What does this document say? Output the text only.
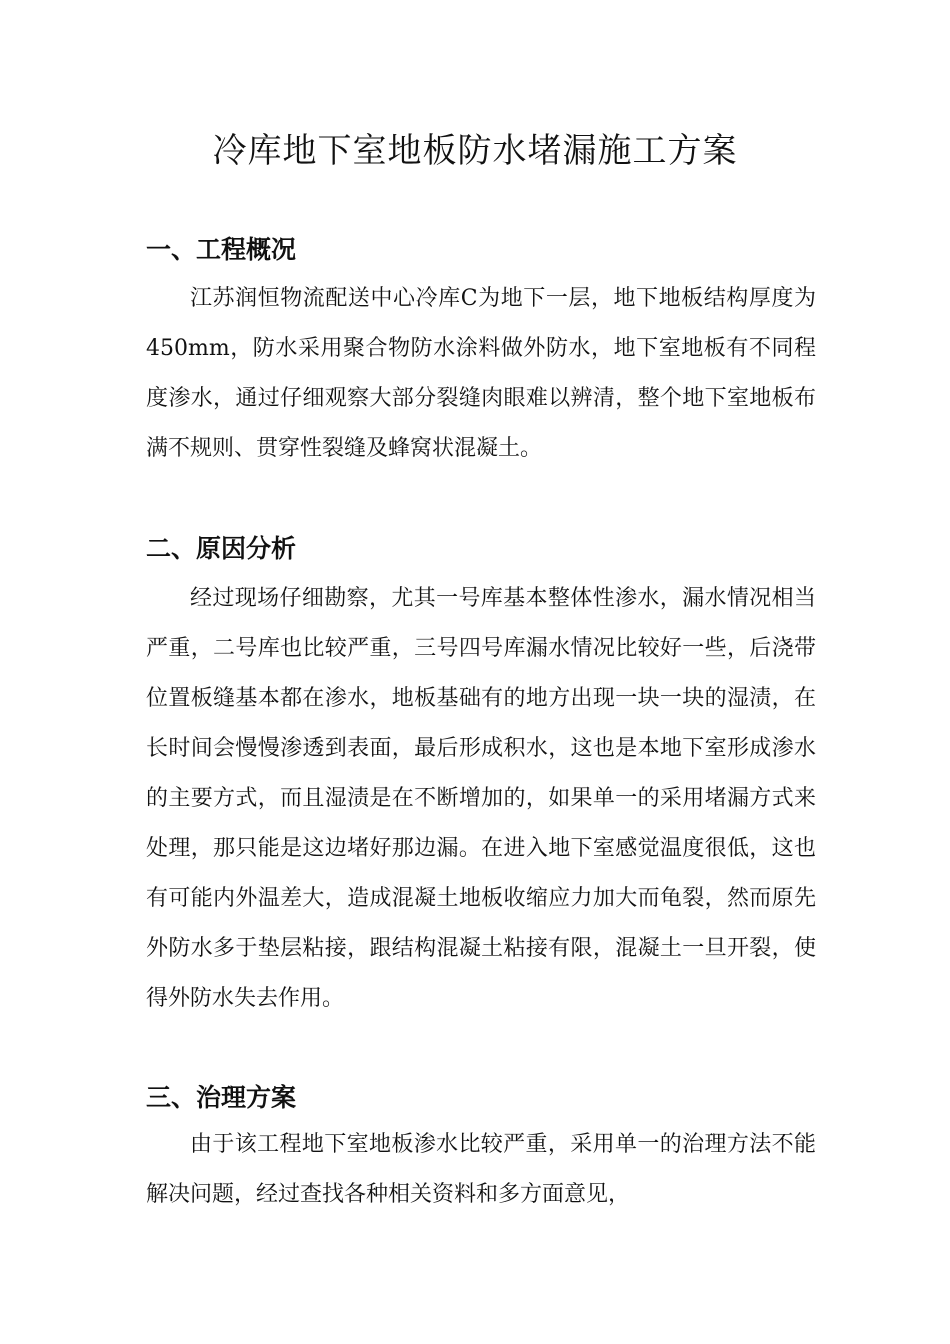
冷库地下室地板防水堵漏施工方案
一、工程概况

江苏润恒物流配送中心冷库C为地下一层，地下地板结构厚度为450mm，防水采用聚合物防水涂料做外防水，地下室地板有不同程度渗水，通过仔细观察大部分裂缝肉眼难以辨清，整个地下室地板布满不规则、贯穿性裂缝及蜂窝状混凝土。

二、原因分析

经过现场仔细勘察，尤其一号库基本整体性渗水，漏水情况相当严重，二号库也比较严重，三号四号库漏水情况比较好一些，后浇带位置板缝基本都在渗水，地板基础有的地方出现一块一块的湿渍，在长时间会慢慢渗透到表面，最后形成积水，这也是本地下室形成渗水的主要方式，而且湿渍是在不断增加的，如果单一的采用堵漏方式来处理，那只能是这边堵好那边漏。在进入地下室感觉温度很低，这也有可能内外温差大，造成混凝土地板收缩应力加大而龟裂，然而原先外防水多于垫层粘接，跟结构混凝土粘接有限，混凝土一旦开裂，使得外防水失去作用。

三、治理方案

由于该工程地下室地板渗水比较严重，采用单一的治理方法不能解决问题，经过查找各种相关资料和多方面意见，
